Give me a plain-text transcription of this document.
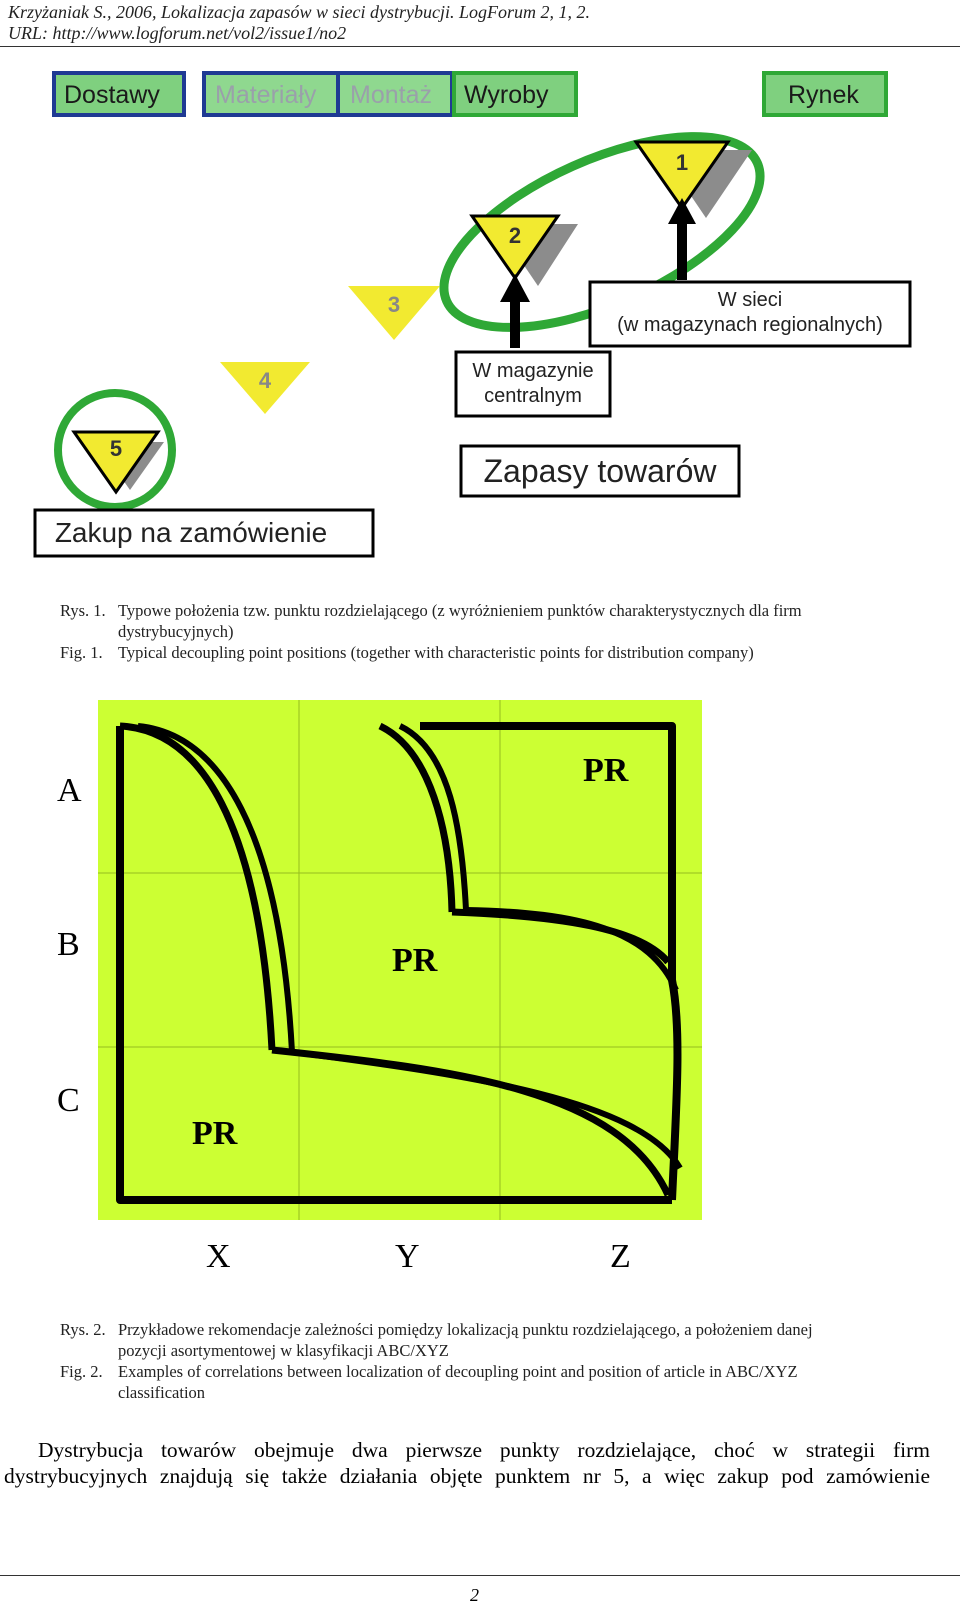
Krzyżaniak S., 2006, Lokalizacja zapasów w sieci dystrybucji. LogForum 2, 1, 2.
URL: http://www.logforum.net/vol2/issue1/no2
Dostawy Materiały Montaż Wyroby	Rynek
1
2
3
4
5
W sieci
(w magazynach regionalnych)
W magazynie
centralnym
Zapasy towarów
Zakup na zamówienie
Rys. 1. Typowe położenia tzw. punktu rozdzielającego (z wyróżnieniem punktów charakterystycznych dla firm
dystrybucyjnych)
Fig. 1. Typical decoupling point positions (together with characteristic points for distribution company)
A
B
C
X	Y	Z
PR
PR
PR
Rys. 2. Przykładowe rekomendacje zależności pomiędzy lokalizacją punktu rozdzielającego, a położeniem danej
pozycji asortymentowej w klasyfikacji ABC/XYZ
Fig. 2. Examples of correlations between localization of decoupling point and position of article in ABC/XYZ
classification
Dystrybucja towarów obejmuje dwa pierwsze punkty rozdzielające, choć w strategii firm
dystrybucyjnych znajdują się także działania objęte punktem nr 5, a więc zakup pod zamówienie
2
